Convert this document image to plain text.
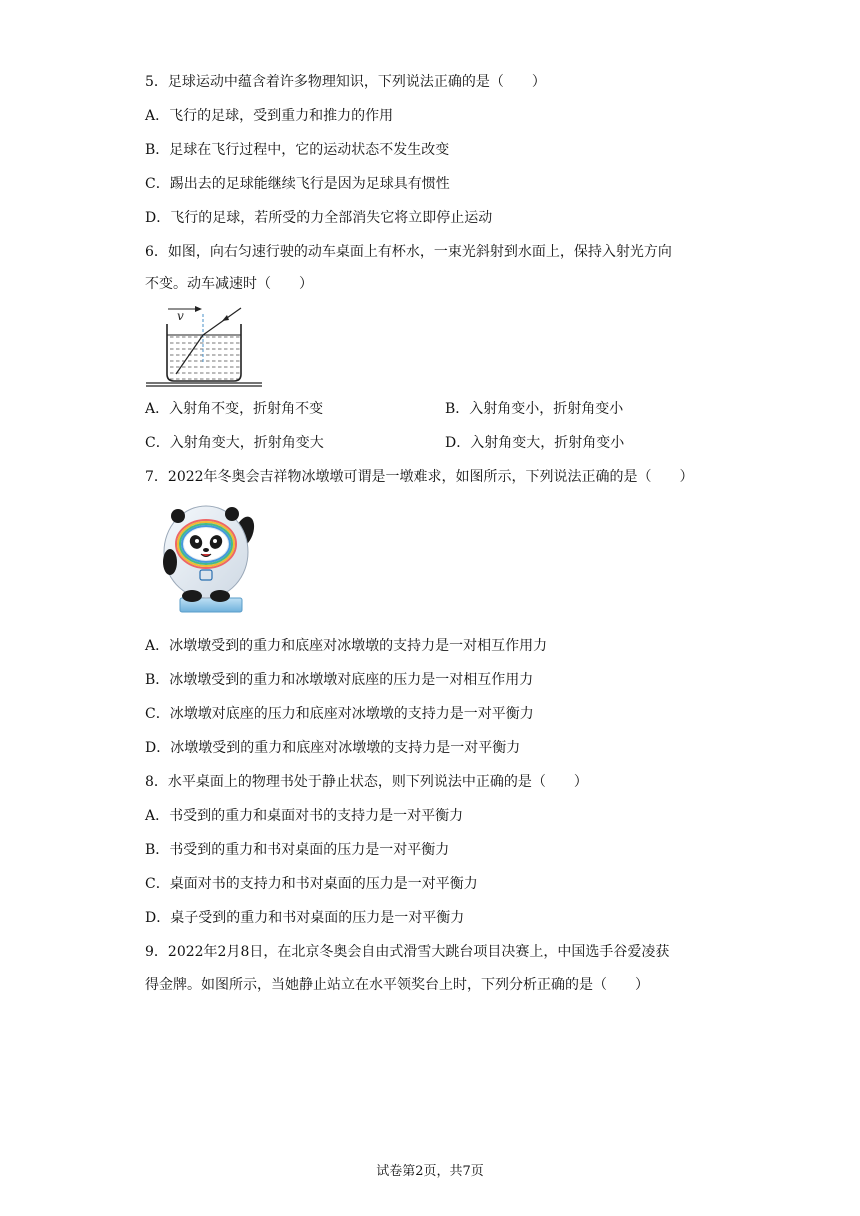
5．足球运动中蕴含着许多物理知识，下列说法正确的是（　　）
A．飞行的足球，受到重力和推力的作用
B．足球在飞行过程中，它的运动状态不发生改变
C．踢出去的足球能继续飞行是因为足球具有惯性
D．飞行的足球，若所受的力全部消失它将立即停止运动
6．如图，向右匀速行驶的动车桌面上有杯水，一束光斜射到水面上，保持入射光方向
不变。动车减速时（　　）
v
A．入射角不变，折射角不变	B．入射角变小，折射角变小
C．入射角变大，折射角变大	D．入射角变大，折射角变小
7．2022年冬奥会吉祥物冰墩墩可谓是一墩难求，如图所示，下列说法正确的是（　　）
A．冰墩墩受到的重力和底座对冰墩墩的支持力是一对相互作用力
B．冰墩墩受到的重力和冰墩墩对底座的压力是一对相互作用力
C．冰墩墩对底座的压力和底座对冰墩墩的支持力是一对平衡力
D．冰墩墩受到的重力和底座对冰墩墩的支持力是一对平衡力
8．水平桌面上的物理书处于静止状态，则下列说法中正确的是（　　）
A．书受到的重力和桌面对书的支持力是一对平衡力
B．书受到的重力和书对桌面的压力是一对平衡力
C．桌面对书的支持力和书对桌面的压力是一对平衡力
D．桌子受到的重力和书对桌面的压力是一对平衡力
9．2022年2月8日，在北京冬奥会自由式滑雪大跳台项目决赛上，中国选手谷爱凌获
得金牌。如图所示，当她静止站立在水平领奖台上时，下列分析正确的是（　　）
试卷第2页，共7页
